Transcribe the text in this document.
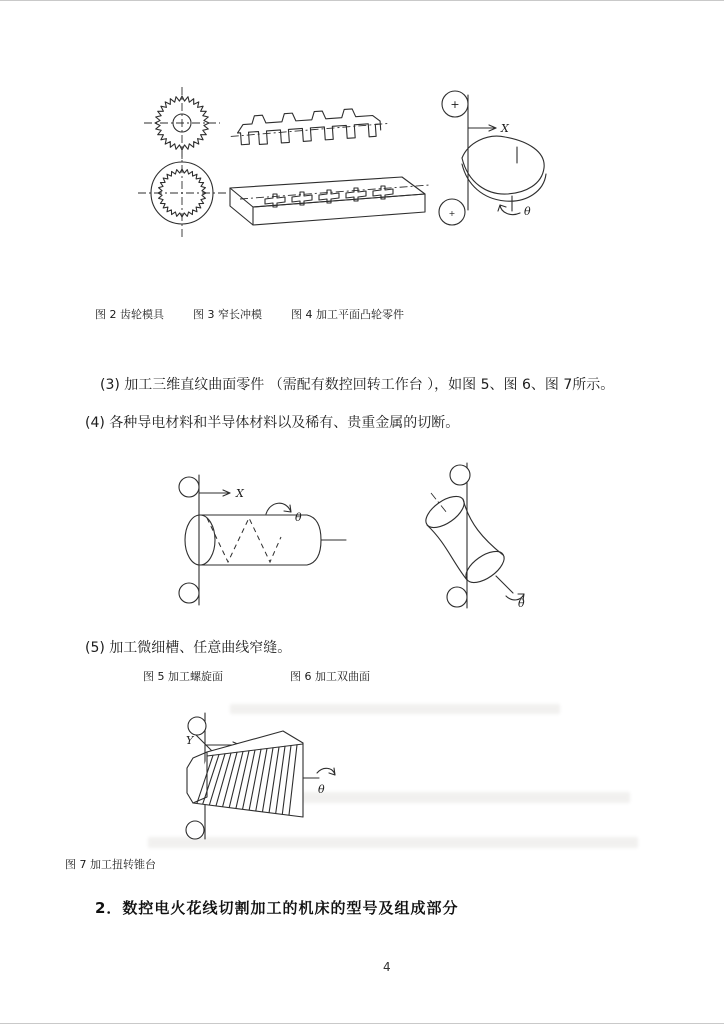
+
+
X
θ
图 2 齿轮模具	图 3 窄长冲模	图 4 加工平面凸轮零件
(3) 加工三维直纹曲面零件 （需配有数控回转工作台 ），如图 5、图 6、图 7所示。
(4) 各种导电材料和半导体材料以及稀有、贵重金属的切断。
X
θ
θ
(5) 加工微细槽、任意曲线窄缝。
图 5 加工螺旋面	图 6 加工双曲面
Y
θ
图 7 加工扭转锥台
2．数控电火花线切割加工的机床的型号及组成部分
4
